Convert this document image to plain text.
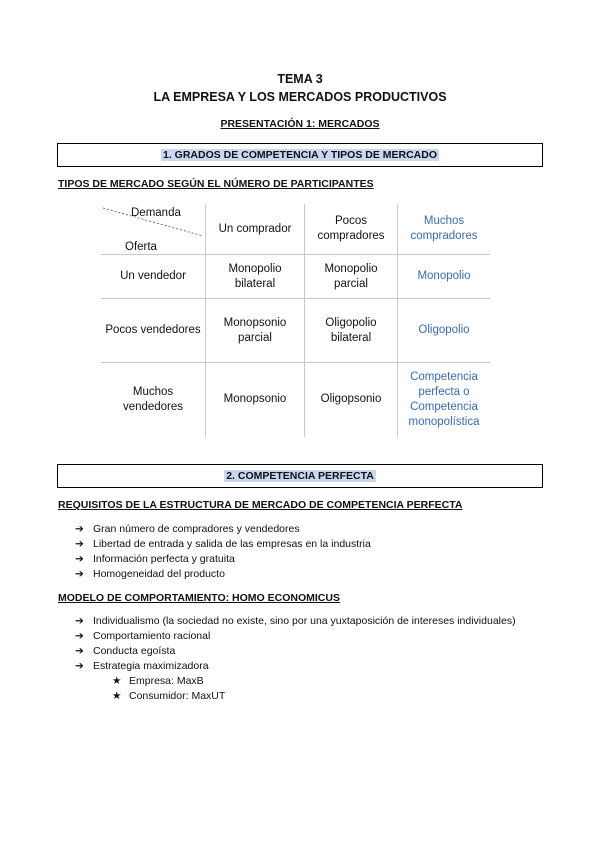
TEMA 3
LA EMPRESA Y LOS MERCADOS PRODUCTIVOS
PRESENTACIÓN 1: MERCADOS
1. GRADOS DE COMPETENCIA Y TIPOS DE MERCADO
TIPOS DE MERCADO SEGÚN EL NÚMERO DE PARTICIPANTES
Demanda
Oferta	Un comprador	Pocos compradores	Muchos compradores
Un vendedor	Monopolio bilateral	Monopolio parcial	Monopolio
Pocos vendedores	Monopsonio parcial	Oligopolio bilateral	Oligopolio
Muchos vendedores	Monopsonio	Oligopsonio	Competencia perfecta o Competencia monopolística
2. COMPETENCIA PERFECTA
REQUISITOS DE LA ESTRUCTURA DE MERCADO DE COMPETENCIA PERFECTA
➔ Gran número de compradores y vendedores
➔ Libertad de entrada y salida de las empresas en la industria
➔ Información perfecta y gratuita
➔ Homogeneidad del producto
MODELO DE COMPORTAMIENTO: HOMO ECONOMICUS
➔ Individualismo (la sociedad no existe, sino por una yuxtaposición de intereses individuales)
➔ Comportamiento racional
➔ Conducta egoísta
➔ Estrategia maximizadora
★ Empresa: MaxB
★ Consumidor: MaxUT
